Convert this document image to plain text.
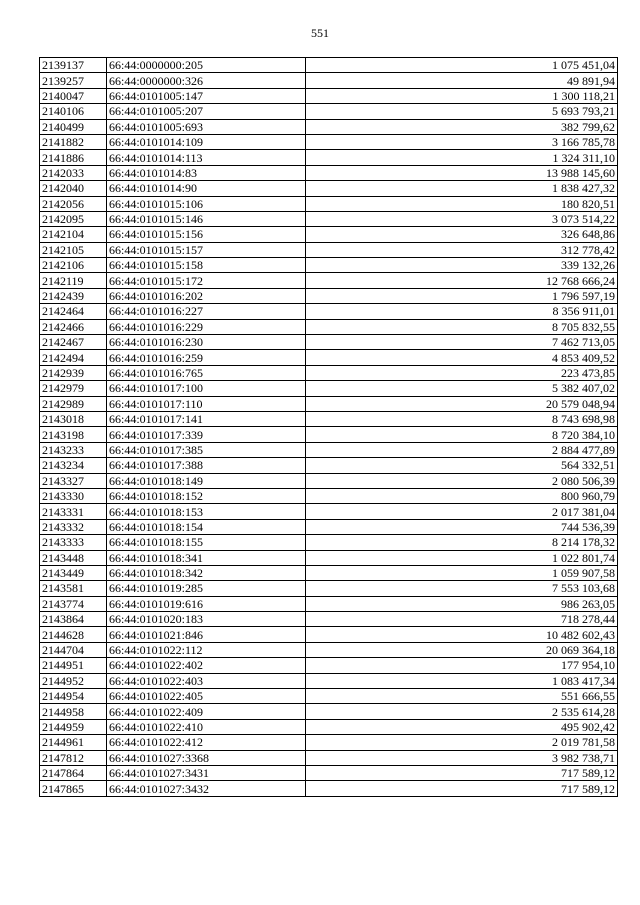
551
2139137	66:44:0000000:205	1 075 451,04
2139257	66:44:0000000:326	49 891,94
2140047	66:44:0101005:147	1 300 118,21
2140106	66:44:0101005:207	5 693 793,21
2140499	66:44:0101005:693	382 799,62
2141882	66:44:0101014:109	3 166 785,78
2141886	66:44:0101014:113	1 324 311,10
2142033	66:44:0101014:83	13 988 145,60
2142040	66:44:0101014:90	1 838 427,32
2142056	66:44:0101015:106	180 820,51
2142095	66:44:0101015:146	3 073 514,22
2142104	66:44:0101015:156	326 648,86
2142105	66:44:0101015:157	312 778,42
2142106	66:44:0101015:158	339 132,26
2142119	66:44:0101015:172	12 768 666,24
2142439	66:44:0101016:202	1 796 597,19
2142464	66:44:0101016:227	8 356 911,01
2142466	66:44:0101016:229	8 705 832,55
2142467	66:44:0101016:230	7 462 713,05
2142494	66:44:0101016:259	4 853 409,52
2142939	66:44:0101016:765	223 473,85
2142979	66:44:0101017:100	5 382 407,02
2142989	66:44:0101017:110	20 579 048,94
2143018	66:44:0101017:141	8 743 698,98
2143198	66:44:0101017:339	8 720 384,10
2143233	66:44:0101017:385	2 884 477,89
2143234	66:44:0101017:388	564 332,51
2143327	66:44:0101018:149	2 080 506,39
2143330	66:44:0101018:152	800 960,79
2143331	66:44:0101018:153	2 017 381,04
2143332	66:44:0101018:154	744 536,39
2143333	66:44:0101018:155	8 214 178,32
2143448	66:44:0101018:341	1 022 801,74
2143449	66:44:0101018:342	1 059 907,58
2143581	66:44:0101019:285	7 553 103,68
2143774	66:44:0101019:616	986 263,05
2143864	66:44:0101020:183	718 278,44
2144628	66:44:0101021:846	10 482 602,43
2144704	66:44:0101022:112	20 069 364,18
2144951	66:44:0101022:402	177 954,10
2144952	66:44:0101022:403	1 083 417,34
2144954	66:44:0101022:405	551 666,55
2144958	66:44:0101022:409	2 535 614,28
2144959	66:44:0101022:410	495 902,42
2144961	66:44:0101022:412	2 019 781,58
2147812	66:44:0101027:3368	3 982 738,71
2147864	66:44:0101027:3431	717 589,12
2147865	66:44:0101027:3432	717 589,12
